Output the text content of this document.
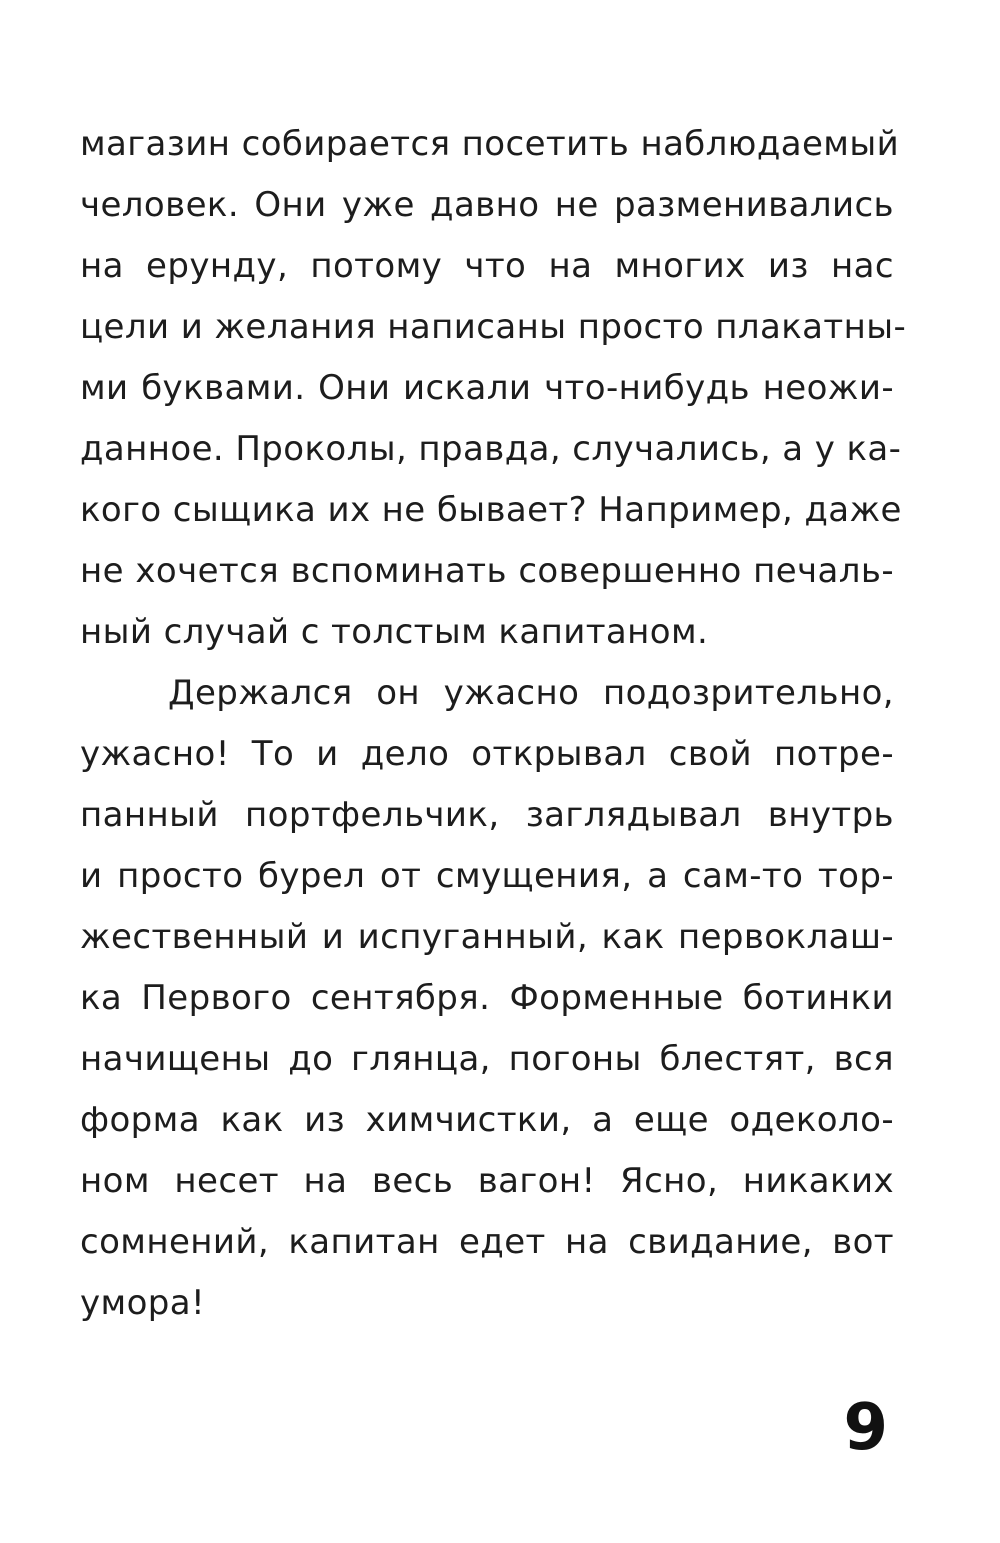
магазин собирается посетить наблюдаемый
человек. Они уже давно не разменивались
на ерунду, потому что на многих из нас
цели и желания написаны просто плакатны-
ми буквами. Они искали что-нибудь неожи-
данное. Проколы, правда, случались, а у ка-
кого сыщика их не бывает? Например, даже
не хочется вспоминать совершенно печаль-
ный случай с толстым капитаном.
Держался он ужасно подозрительно,
ужасно! То и дело открывал свой потре-
панный портфельчик, заглядывал внутрь
и просто бурел от смущения, а сам-то тор-
жественный и испуганный, как первоклаш-
ка Первого сентября. Форменные ботинки
начищены до глянца, погоны блестят, вся
форма как из химчистки, а еще одеколо-
ном несет на весь вагон! Ясно, никаких
сомнений, капитан едет на свидание, вот
умора!
9
